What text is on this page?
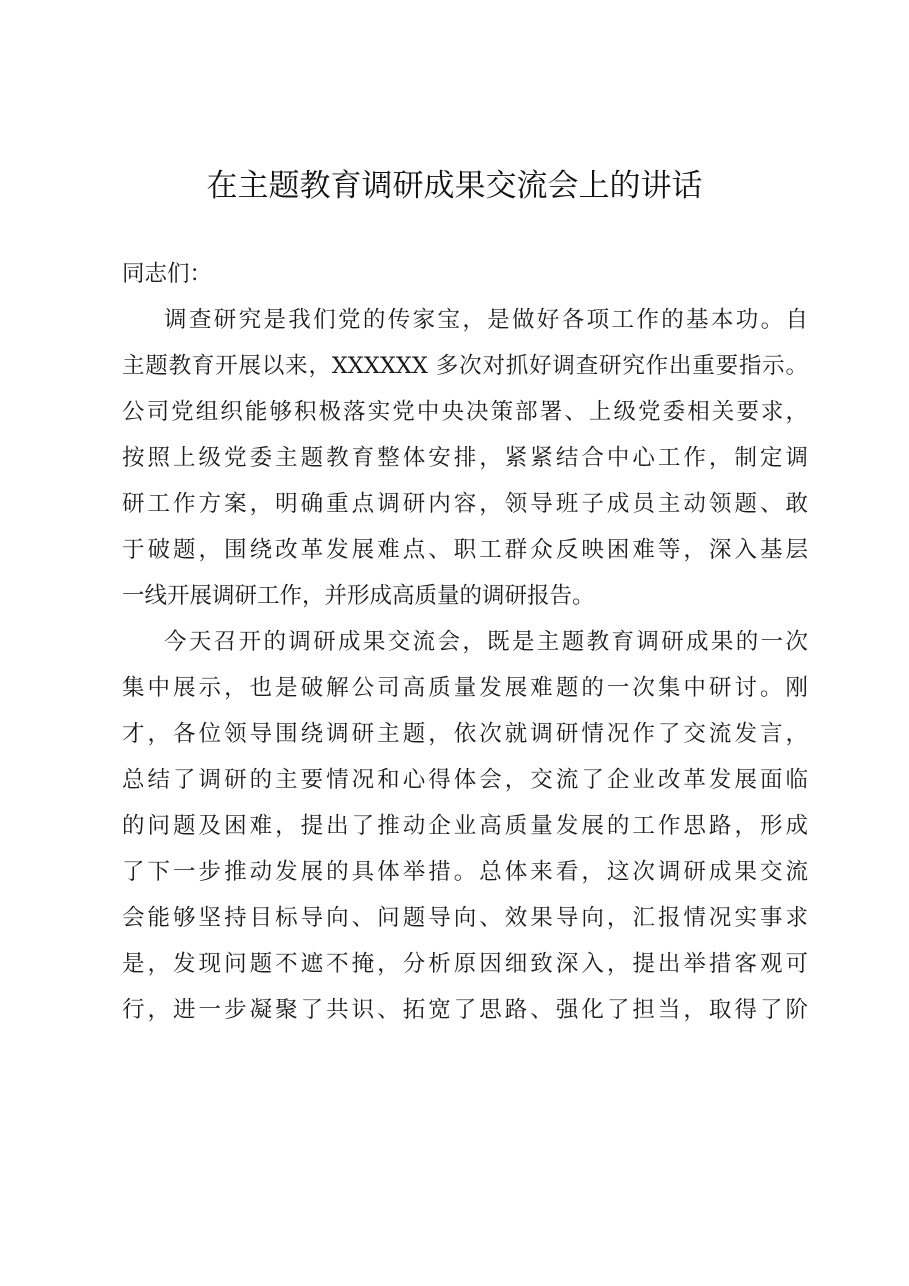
在主题教育调研成果交流会上的讲话
同志们：
调查研究是我们党的传家宝，是做好各项工作的基本功。自
主题教育开展以来，XXXXXX 多次对抓好调查研究作出重要指示。
公司党组织能够积极落实党中央决策部署、上级党委相关要求，
按照上级党委主题教育整体安排，紧紧结合中心工作，制定调
研工作方案，明确重点调研内容，领导班子成员主动领题、敢
于破题，围绕改革发展难点、职工群众反映困难等，深入基层
一线开展调研工作，并形成高质量的调研报告。
今天召开的调研成果交流会，既是主题教育调研成果的一次
集中展示，也是破解公司高质量发展难题的一次集中研讨。刚
才，各位领导围绕调研主题，依次就调研情况作了交流发言，
总结了调研的主要情况和心得体会，交流了企业改革发展面临
的问题及困难，提出了推动企业高质量发展的工作思路，形成
了下一步推动发展的具体举措。总体来看，这次调研成果交流
会能够坚持目标导向、问题导向、效果导向，汇报情况实事求
是，发现问题不遮不掩，分析原因细致深入，提出举措客观可
行，进一步凝聚了共识、拓宽了思路、强化了担当，取得了阶
